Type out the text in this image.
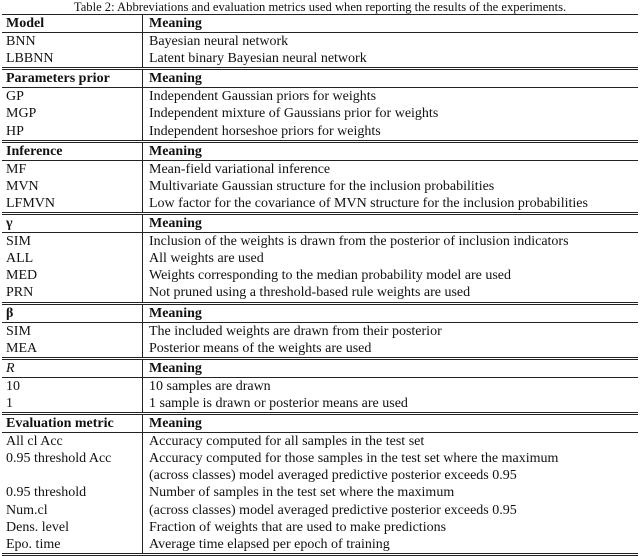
Table 2: Abbreviations and evaluation metrics used when reporting the results of the experiments.
Model	Meaning
BNN	Bayesian neural network
LBBNN	Latent binary Bayesian neural network
Parameters prior	Meaning
GP	Independent Gaussian priors for weights
MGP	Independent mixture of Gaussians prior for weights
HP	Independent horseshoe priors for weights
Inference	Meaning
MF	Mean-field variational inference
MVN	Multivariate Gaussian structure for the inclusion probabilities
LFMVN	Low factor for the covariance of MVN structure for the inclusion probabilities
γ	Meaning
SIM	Inclusion of the weights is drawn from the posterior of inclusion indicators
ALL	All weights are used
MED	Weights corresponding to the median probability model are used
PRN	Not pruned using a threshold-based rule weights are used
β	Meaning
SIM	The included weights are drawn from their posterior
MEA	Posterior means of the weights are used
R	Meaning
10	10 samples are drawn
1	1 sample is drawn or posterior means are used
Evaluation metric	Meaning
All cl Acc	Accuracy computed for all samples in the test set
0.95 threshold Acc	Accuracy computed for those samples in the test set where the maximum
(across classes) model averaged predictive posterior exceeds 0.95
0.95 threshold	Number of samples in the test set where the maximum
Num.cl	(across classes) model averaged predictive posterior exceeds 0.95
Dens. level	Fraction of weights that are used to make predictions
Epo. time	Average time elapsed per epoch of training
